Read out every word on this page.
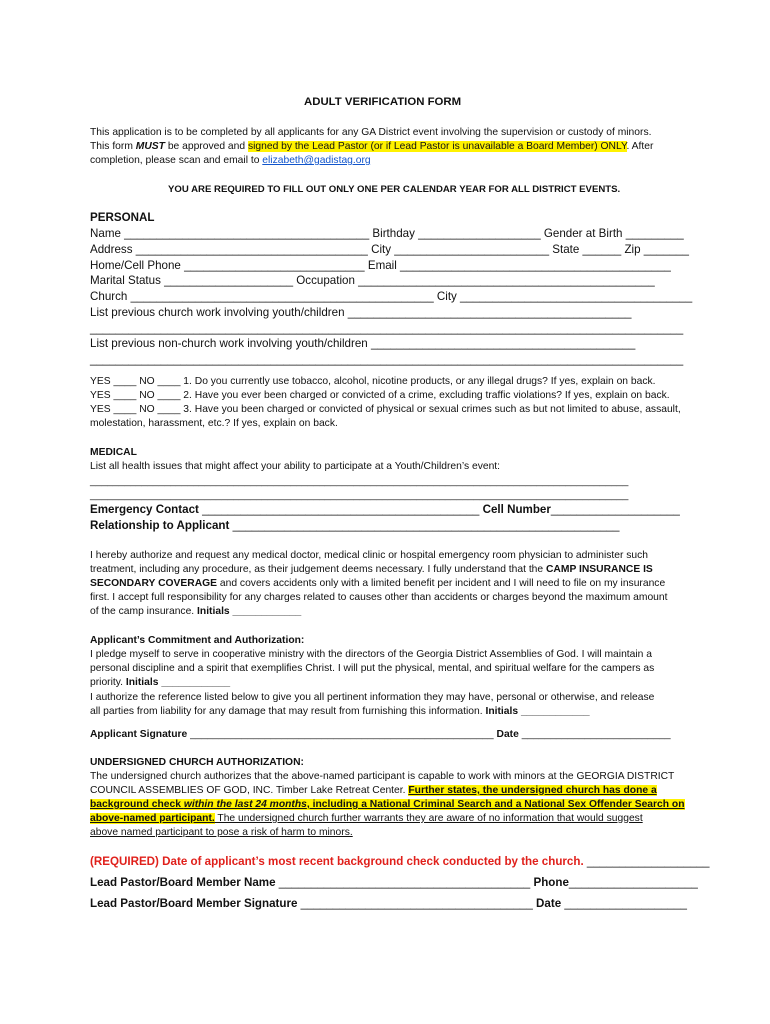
ADULT VERIFICATION FORM
This application is to be completed by all applicants for any GA District event involving the supervision or custody of minors.
This form MUST be approved and signed by the Lead Pastor (or if Lead Pastor is unavailable a Board Member) ONLY. After
completion, please scan and email to elizabeth@gadistag.org
YOU ARE REQUIRED TO FILL OUT ONLY ONE PER CALENDAR YEAR FOR ALL DISTRICT EVENTS.
PERSONAL
Name ______________________________________ Birthday ___________________ Gender at Birth _________
Address ____________________________________ City ________________________ State ______ Zip _______
Home/Cell Phone ____________________________ Email __________________________________________
Marital Status ____________________ Occupation ______________________________________________
Church _______________________________________________ City ____________________________________
List previous church work involving youth/children ____________________________________________
____________________________________________________________________________________________
List previous non-church work involving youth/children _________________________________________
____________________________________________________________________________________________
YES ____ NO ____ 1. Do you currently use tobacco, alcohol, nicotine products, or any illegal drugs? If yes, explain on back.
YES ____ NO ____ 2. Have you ever been charged or convicted of a crime, excluding traffic violations? If yes, explain on back.
YES ____ NO ____ 3. Have you been charged or convicted of physical or sexual crimes such as but not limited to abuse, assault,
molestation, harassment, etc.? If yes, explain on back.
MEDICAL
List all health issues that might affect your ability to participate at a Youth/Children’s event:
______________________________________________________________________________________________
______________________________________________________________________________________________
Emergency Contact ___________________________________________ Cell Number____________________
Relationship to Applicant ____________________________________________________________
I hereby authorize and request any medical doctor, medical clinic or hospital emergency room physician to administer such
treatment, including any procedure, as their judgement deems necessary. I fully understand that the CAMP INSURANCE IS
SECONDARY COVERAGE and covers accidents only with a limited benefit per incident and I will need to file on my insurance
first. I accept full responsibility for any charges related to causes other than accidents or charges beyond the maximum amount
of the camp insurance. Initials ____________
Applicant’s Commitment and Authorization:
I pledge myself to serve in cooperative ministry with the directors of the Georgia District Assemblies of God. I will maintain a
personal discipline and a spirit that exemplifies Christ. I will put the physical, mental, and spiritual welfare for the campers as
priority. Initials ____________
I authorize the reference listed below to give you all pertinent information they may have, personal or otherwise, and release
all parties from liability for any damage that may result from furnishing this information. Initials ____________
Applicant Signature _____________________________________________________ Date __________________________
UNDERSIGNED CHURCH AUTHORIZATION:
The undersigned church authorizes that the above-named participant is capable to work with minors at the GEORGIA DISTRICT
COUNCIL ASSEMBLIES OF GOD, INC. Timber Lake Retreat Center. Further states, the undersigned church has done a
background check within the last 24 months, including a National Criminal Search and a National Sex Offender Search on
above-named participant. The undersigned church further warrants they are aware of no information that would suggest
above named participant to pose a risk of harm to minors.
(REQUIRED) Date of applicant’s most recent background check conducted by the church. ___________________
Lead Pastor/Board Member Name _______________________________________ Phone____________________
Lead Pastor/Board Member Signature ____________________________________ Date ___________________
